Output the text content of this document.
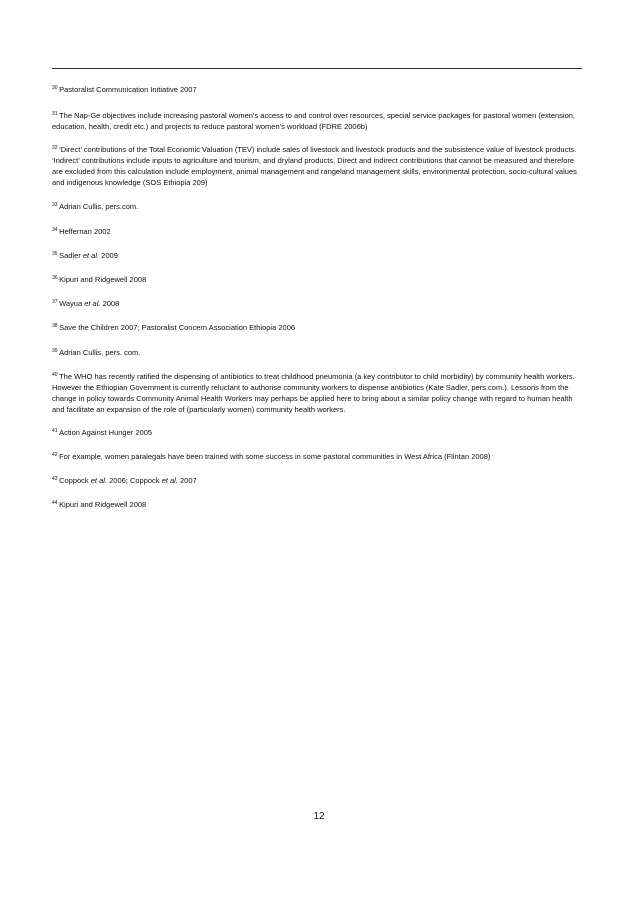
$^{30}$ Pastoralist Communication Initiative 2007

$^{31}$ The Nap-Ge objectives include increasing pastoral women’s access to and control over resources, special service packages for pastoral women (extension, education, health, credit etc.) and projects to reduce pastoral women’s workload (FDRE 2006b)

$^{32}$ ‘Direct’ contributions of the Total Economic Valuation (TEV) include sales of livestock and livestock products and the subsistence value of livestock products. ‘Indirect’ contributions include inputs to agriculture and tourism, and dryland products. Direct and indirect contributions that cannot be measured and therefore are excluded from this calculation include employment, animal management and rangeland management skills, environmental protection, socio-cultural values and indigenous knowledge (SOS Ethiopia 209)

$^{33}$ Adrian Cullis, pers.com.

$^{34}$ Heffernan 2002

$^{35}$ Sadler et al. 2009

$^{36}$ Kipuri and Ridgewell 2008

$^{37}$ Wayua et al. 2008

$^{38}$ Save the Children 2007; Pastoralist Concern Association Ethiopia 2006

$^{39}$ Adrian Cullis, pers. com.

$^{40}$ The WHO has recently ratified the dispensing of antibiotics to treat childhood pneumonia (a key contributor to child morbidity) by community health workers. However the Ethiopian Government is currently reluctant to authorise community workers to dispense antibiotics (Kate Sadler, pers.com.). Lessons from the change in policy towards Community Animal Health Workers may perhaps be applied here to bring about a similar policy change with regard to human health and facilitate an expansion of the role of (particularly women) community health workers.

$^{41}$ Action Against Hunger 2005

$^{42}$ For example, women paralegals have been trained with some success in some pastoral communities in West Africa (Flintan 2008)

$^{43}$ Coppock et al. 2006; Coppock et al. 2007

$^{44}$ Kipuri and Ridgewell 2008

12
